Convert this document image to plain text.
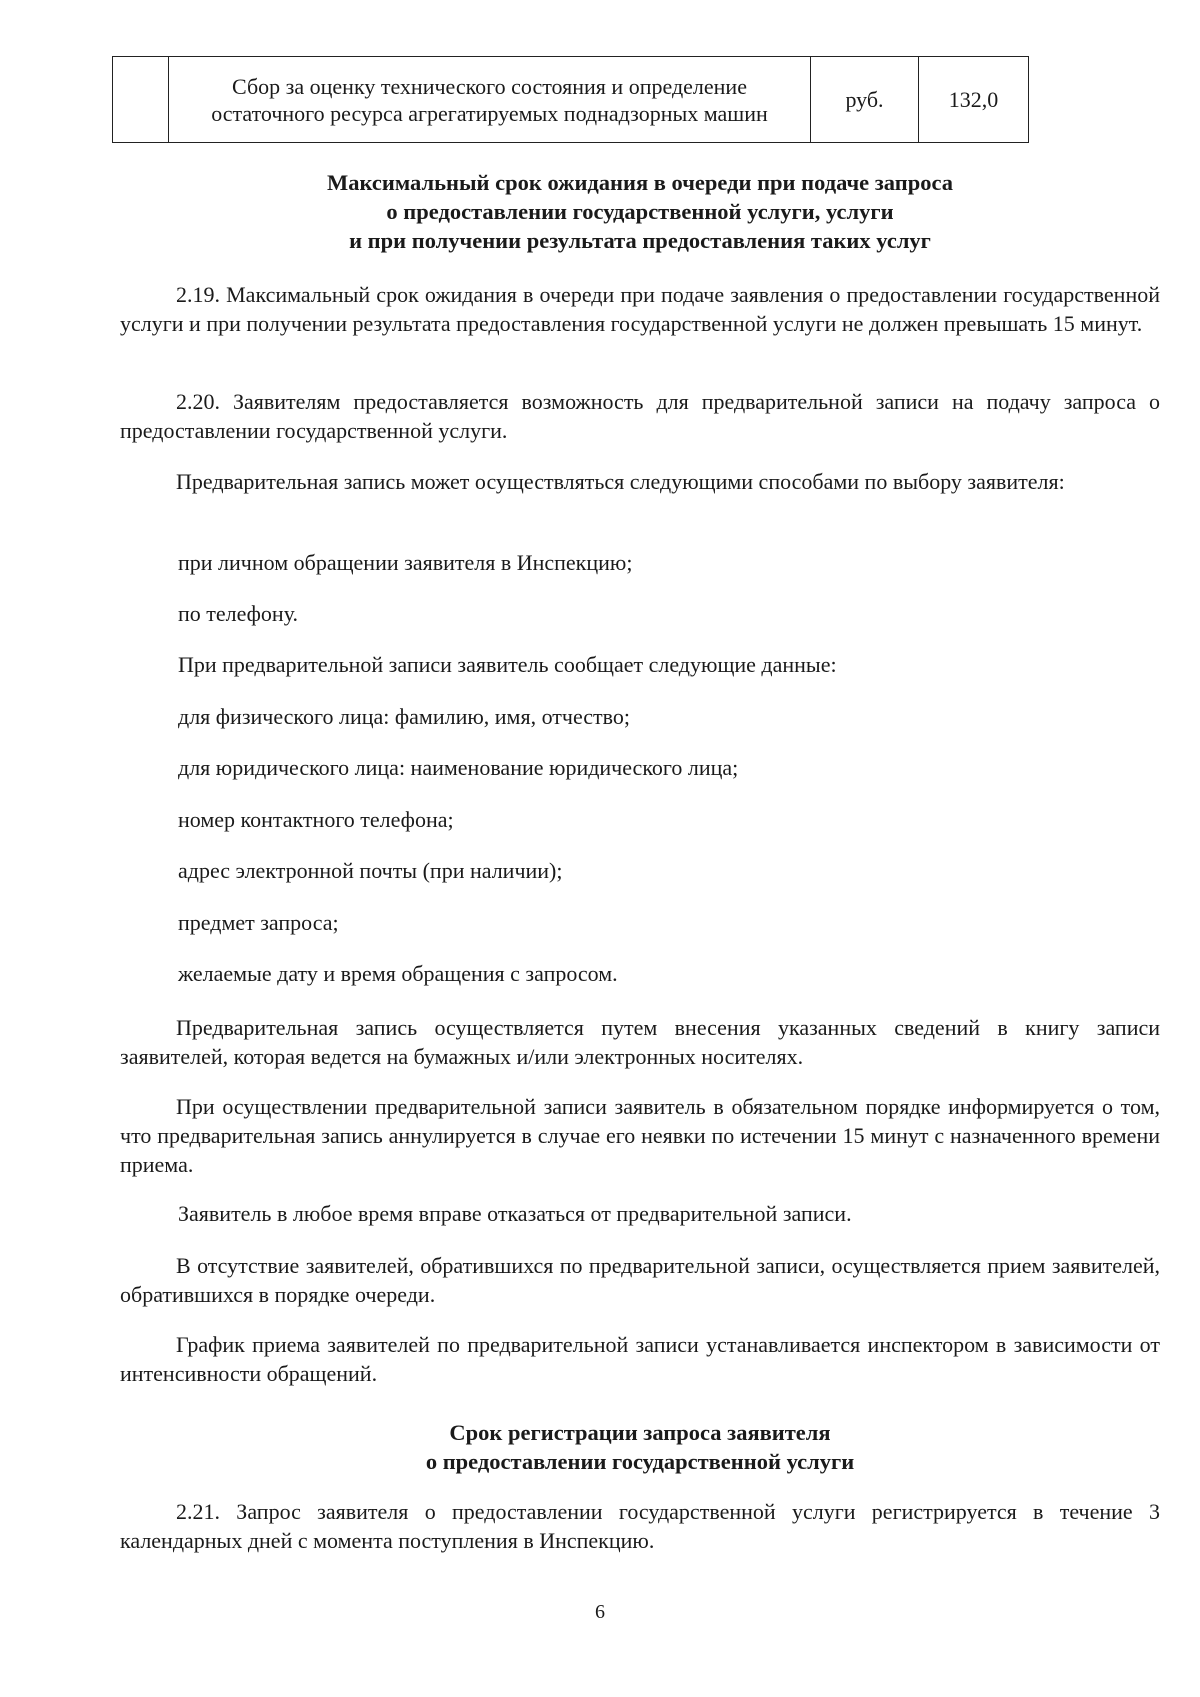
	Сбор за оценку технического состояния и определение остаточного ресурса агрегатируемых поднадзорных машин	руб.	132,0
Максимальный срок ожидания в очереди при подаче запроса
о предоставлении государственной услуги, услуги
и при получении результата предоставления таких услуг
2.19. Максимальный срок ожидания в очереди при подаче заявления о предоставлении государственной услуги и при получении результата предоставления государственной услуги не должен превышать 15 минут.
2.20. Заявителям предоставляется возможность для предварительной записи на подачу запроса о предоставлении государственной услуги.
Предварительная запись может осуществляться следующими способами по выбору заявителя:
при личном обращении заявителя в Инспекцию;
по телефону.
При предварительной записи заявитель сообщает следующие данные:
для физического лица: фамилию, имя, отчество;
для юридического лица: наименование юридического лица;
номер контактного телефона;
адрес электронной почты (при наличии);
предмет запроса;
желаемые дату и время обращения с запросом.
Предварительная запись осуществляется путем внесения указанных сведений в книгу записи заявителей, которая ведется на бумажных и/или электронных носителях.
При осуществлении предварительной записи заявитель в обязательном порядке информируется о том, что предварительная запись аннулируется в случае его неявки по истечении 15 минут с назначенного времени приема.
Заявитель в любое время вправе отказаться от предварительной записи.
В отсутствие заявителей, обратившихся по предварительной записи, осуществляется прием заявителей, обратившихся в порядке очереди.
График приема заявителей по предварительной записи устанавливается инспектором в зависимости от интенсивности обращений.
Срок регистрации запроса заявителя
о предоставлении государственной услуги
2.21. Запрос заявителя о предоставлении государственной услуги регистрируется в течение 3 календарных дней с момента поступления в Инспекцию.
6
